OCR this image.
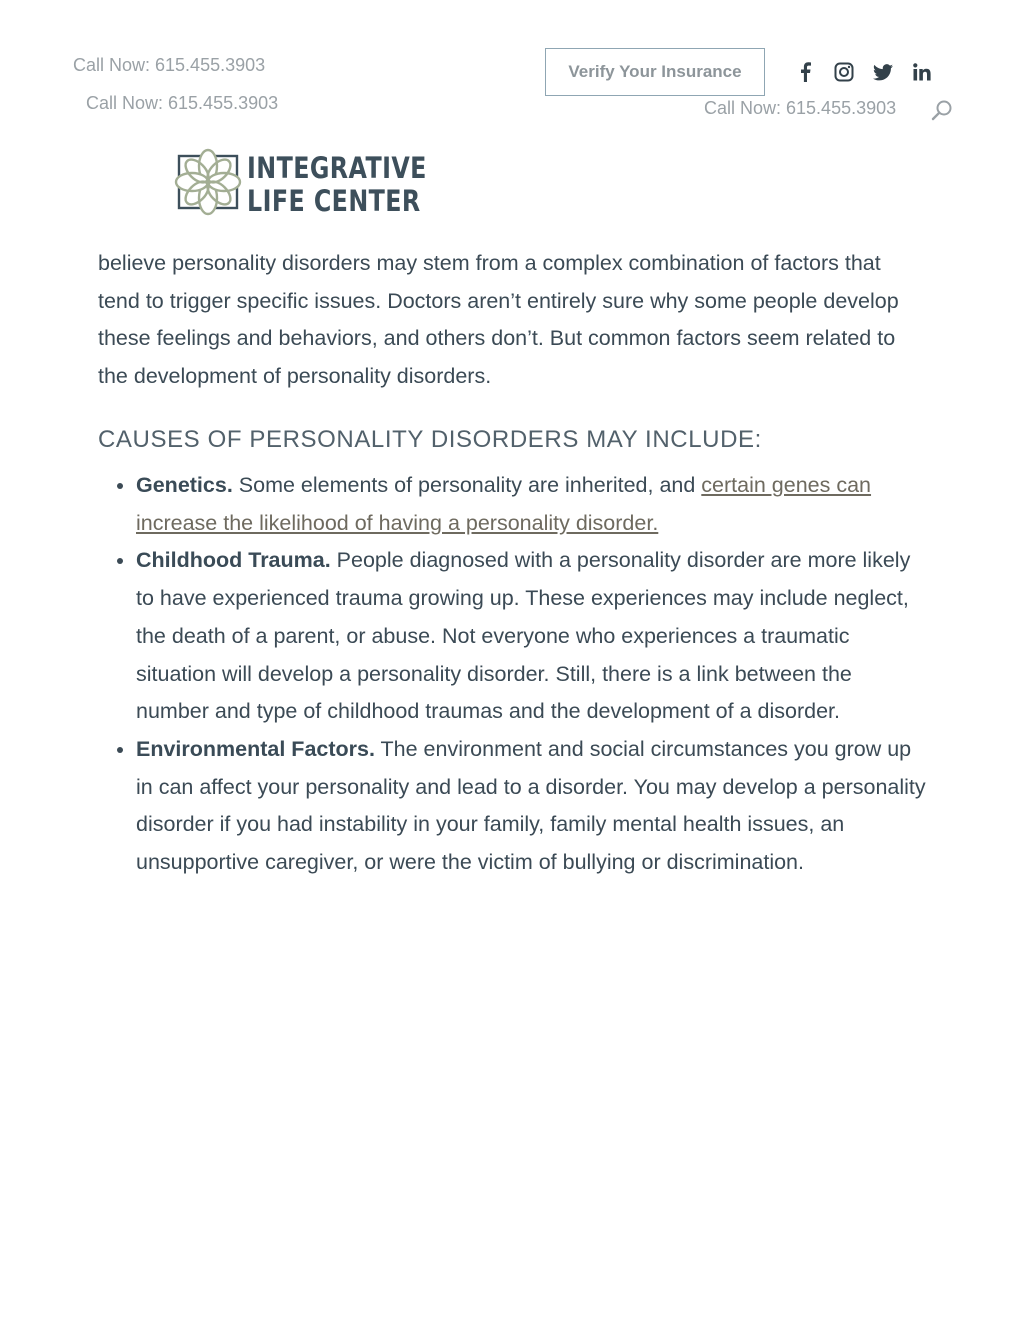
Call Now: 615.455.3903
Call Now: 615.455.3903
Verify Your Insurance
Call Now: 615.455.3903
INTEGRATIVE
LIFE CENTER

believe personality disorders may stem from a complex combination of factors that tend to trigger specific issues. Doctors aren’t entirely sure why some people develop these feelings and behaviors, and others don’t. But common factors seem related to the development of personality disorders.

CAUSES OF PERSONALITY DISORDERS MAY INCLUDE:
• Genetics. Some elements of personality are inherited, and certain genes can increase the likelihood of having a personality disorder.
• Childhood Trauma. People diagnosed with a personality disorder are more likely to have experienced trauma growing up. These experiences may include neglect, the death of a parent, or abuse. Not everyone who experiences a traumatic situation will develop a personality disorder. Still, there is a link between the number and type of childhood traumas and the development of a disorder.
• Environmental Factors. The environment and social circumstances you grow up in can affect your personality and lead to a disorder. You may develop a personality disorder if you had instability in your family, family mental health issues, an unsupportive caregiver, or were the victim of bullying or discrimination.
